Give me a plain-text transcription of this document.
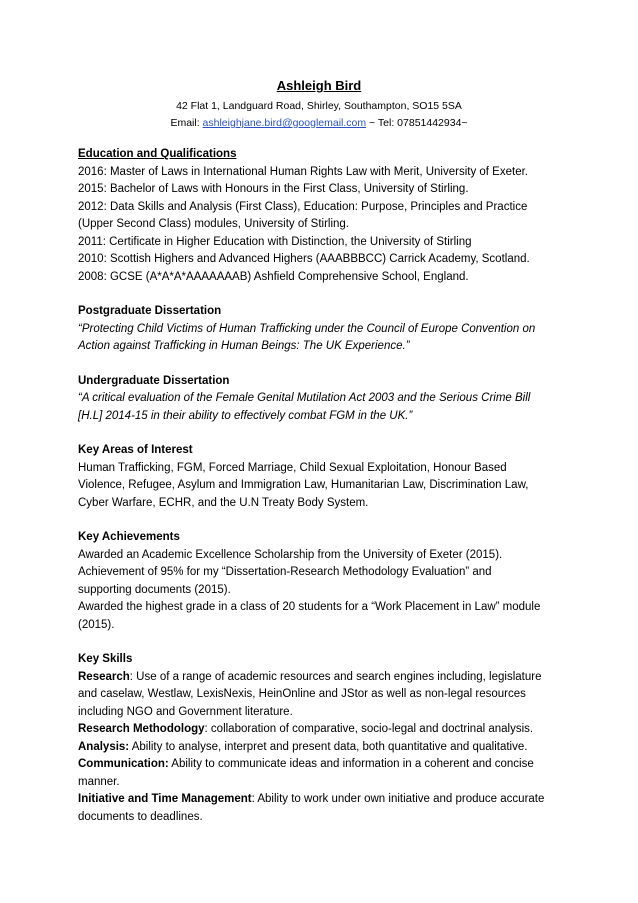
Ashleigh Bird
42 Flat 1, Landguard Road, Shirley, Southampton, SO15 5SA
Email: ashleighjane.bird@googlemail.com ~ Tel: 07851442934~
Education and Qualifications
2016: Master of Laws in International Human Rights Law with Merit, University of Exeter.
2015: Bachelor of Laws with Honours in the First Class, University of Stirling.
2012: Data Skills and Analysis (First Class), Education: Purpose, Principles and Practice
(Upper Second Class) modules, University of Stirling.
2011: Certificate in Higher Education with Distinction, the University of Stirling
2010: Scottish Highers and Advanced Highers (AAABBBCC) Carrick Academy, Scotland.
2008: GCSE (A*A*A*AAAAAAAB) Ashfield Comprehensive School, England.
Postgraduate Dissertation
“Protecting Child Victims of Human Trafficking under the Council of Europe Convention on
Action against Trafficking in Human Beings: The UK Experience.”
Undergraduate Dissertation
“A critical evaluation of the Female Genital Mutilation Act 2003 and the Serious Crime Bill
[H.L] 2014-15 in their ability to effectively combat FGM in the UK.”
Key Areas of Interest
Human Trafficking, FGM, Forced Marriage, Child Sexual Exploitation, Honour Based
Violence, Refugee, Asylum and Immigration Law, Humanitarian Law, Discrimination Law,
Cyber Warfare, ECHR, and the U.N Treaty Body System.
Key Achievements
Awarded an Academic Excellence Scholarship from the University of Exeter (2015).
Achievement of 95% for my “Dissertation-Research Methodology Evaluation” and
supporting documents (2015).
Awarded the highest grade in a class of 20 students for a “Work Placement in Law” module
(2015).
Key Skills
Research: Use of a range of academic resources and search engines including, legislature
and caselaw, Westlaw, LexisNexis, HeinOnline and JStor as well as non-legal resources
including NGO and Government literature.
Research Methodology: collaboration of comparative, socio-legal and doctrinal analysis.
Analysis: Ability to analyse, interpret and present data, both quantitative and qualitative.
Communication: Ability to communicate ideas and information in a coherent and concise
manner.
Initiative and Time Management: Ability to work under own initiative and produce accurate
documents to deadlines.
